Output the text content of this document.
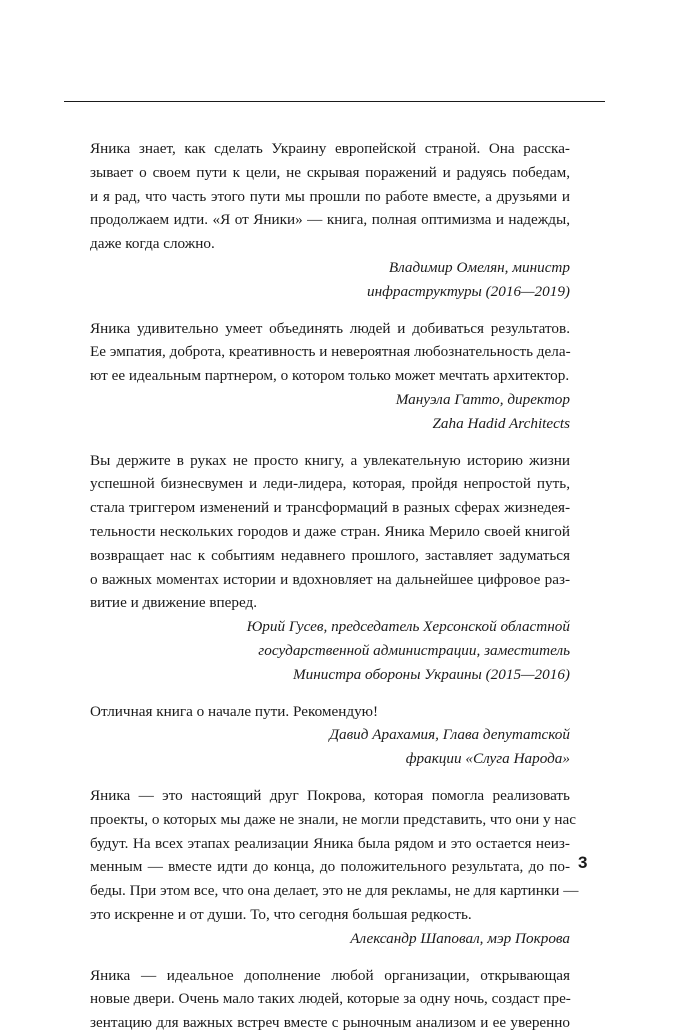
Яника знает, как сделать Украину европейской страной. Она расска-
зывает о своем пути к цели, не скрывая поражений и радуясь победам,
и я рад, что часть этого пути мы прошли по работе вместе, а друзьями и
продолжаем идти. «Я от Яники» — книга, полная оптимизма и надежды,
даже когда сложно.

Владимир Омелян, министр
инфраструктуры (2016—2019)

Яника удивительно умеет объединять людей и добиваться результатов.
Ее эмпатия, доброта, креативность и невероятная любознательность дела-
ют ее идеальным партнером, о котором только может мечтать архитектор.

Мануэла Гатто, директор
Zaha Hadid Architects

Вы держите в руках не просто книгу, а увлекательную историю жизни
успешной бизнесвумен и леди-лидера, которая, пройдя непростой путь,
стала триггером изменений и трансформаций в разных сферах жизнедея-
тельности нескольких городов и даже стран. Яника Мерило своей книгой
возвращает нас к событиям недавнего прошлого, заставляет задуматься
о важных моментах истории и вдохновляет на дальнейшее цифровое раз-
витие и движение вперед.

Юрий Гусев, председатель Херсонской областной
государственной администрации, заместитель
Министра обороны Украины (2015—2016)

Отличная книга о начале пути. Рекомендую!

Давид Арахамия, Глава депутатской
фракции «Слуга Народа»

Яника — это настоящий друг Покрова, которая помогла реализовать
проекты, о которых мы даже не знали, не могли представить, что они у нас
будут. На всех этапах реализации Яника была рядом и это остается неиз-
менным — вместе идти до конца, до положительного результата, до по-
беды. При этом все, что она делает, это не для рекламы, не для картинки —
это искренне и от души. То, что сегодня большая редкость.

Александр Шаповал, мэр Покрова

Яника — идеальное дополнение любой организации, открывающая
новые двери. Очень мало таких людей, которые за одну ночь, создаст пре-
зентацию для важных встреч вместе с рыночным анализом и ее уверенно

3
